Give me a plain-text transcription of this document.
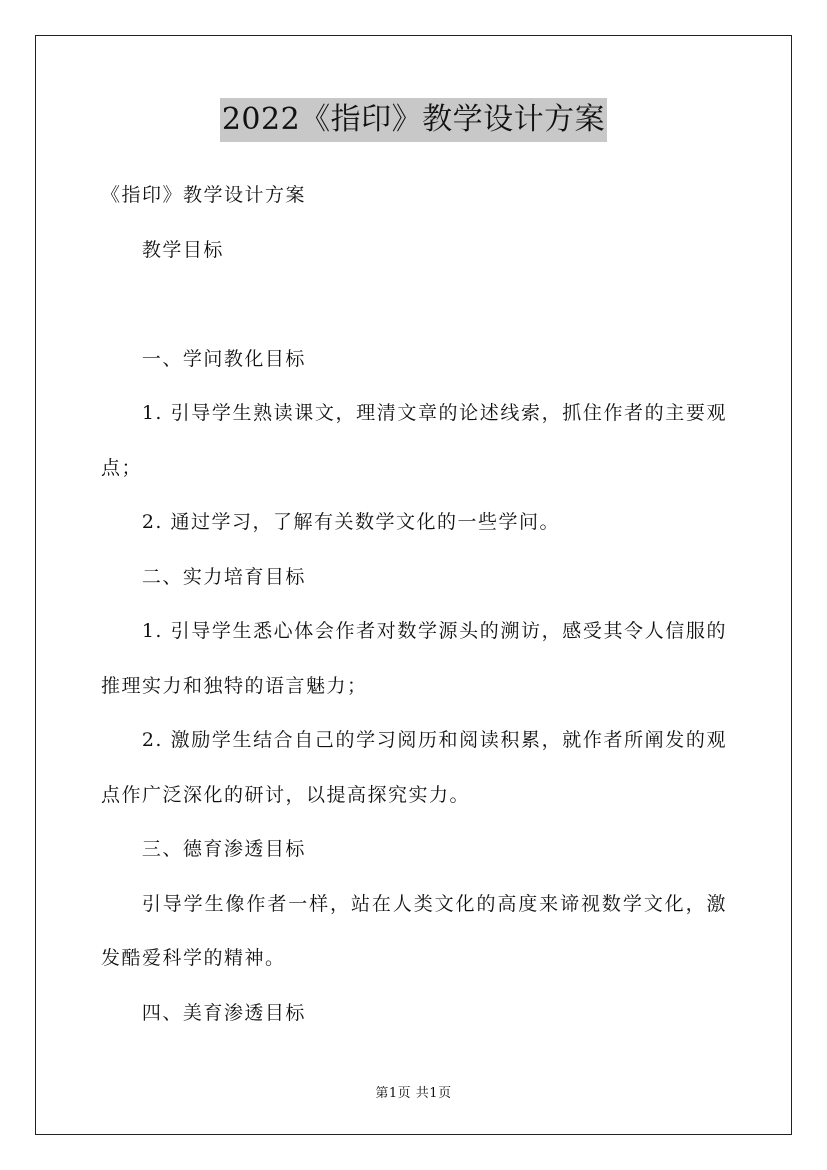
2022《指印》教学设计方案

《指印》教学设计方案

教学目标

一、学问教化目标

1. 引导学生熟读课文，理清文章的论述线索，抓住作者的主要观点；

2. 通过学习，了解有关数学文化的一些学问。

二、实力培育目标

1. 引导学生悉心体会作者对数学源头的溯访，感受其令人信服的推理实力和独特的语言魅力；

2. 激励学生结合自己的学习阅历和阅读积累，就作者所阐发的观点作广泛深化的研讨，以提高探究实力。

三、德育渗透目标

引导学生像作者一样，站在人类文化的高度来谛视数学文化，激发酷爱科学的精神。

四、美育渗透目标

第1页 共1页
